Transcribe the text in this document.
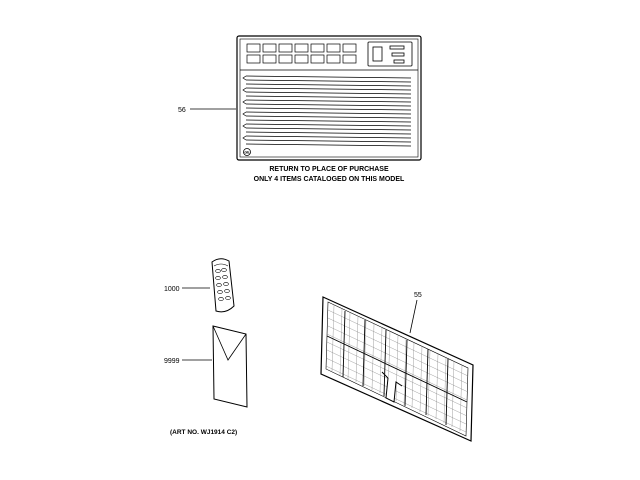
GE
56
RETURN TO PLACE OF PURCHASE
ONLY 4 ITEMS CATALOGED ON THIS MODEL
1000
9999
(ART NO. WJ1914 C2)
55
